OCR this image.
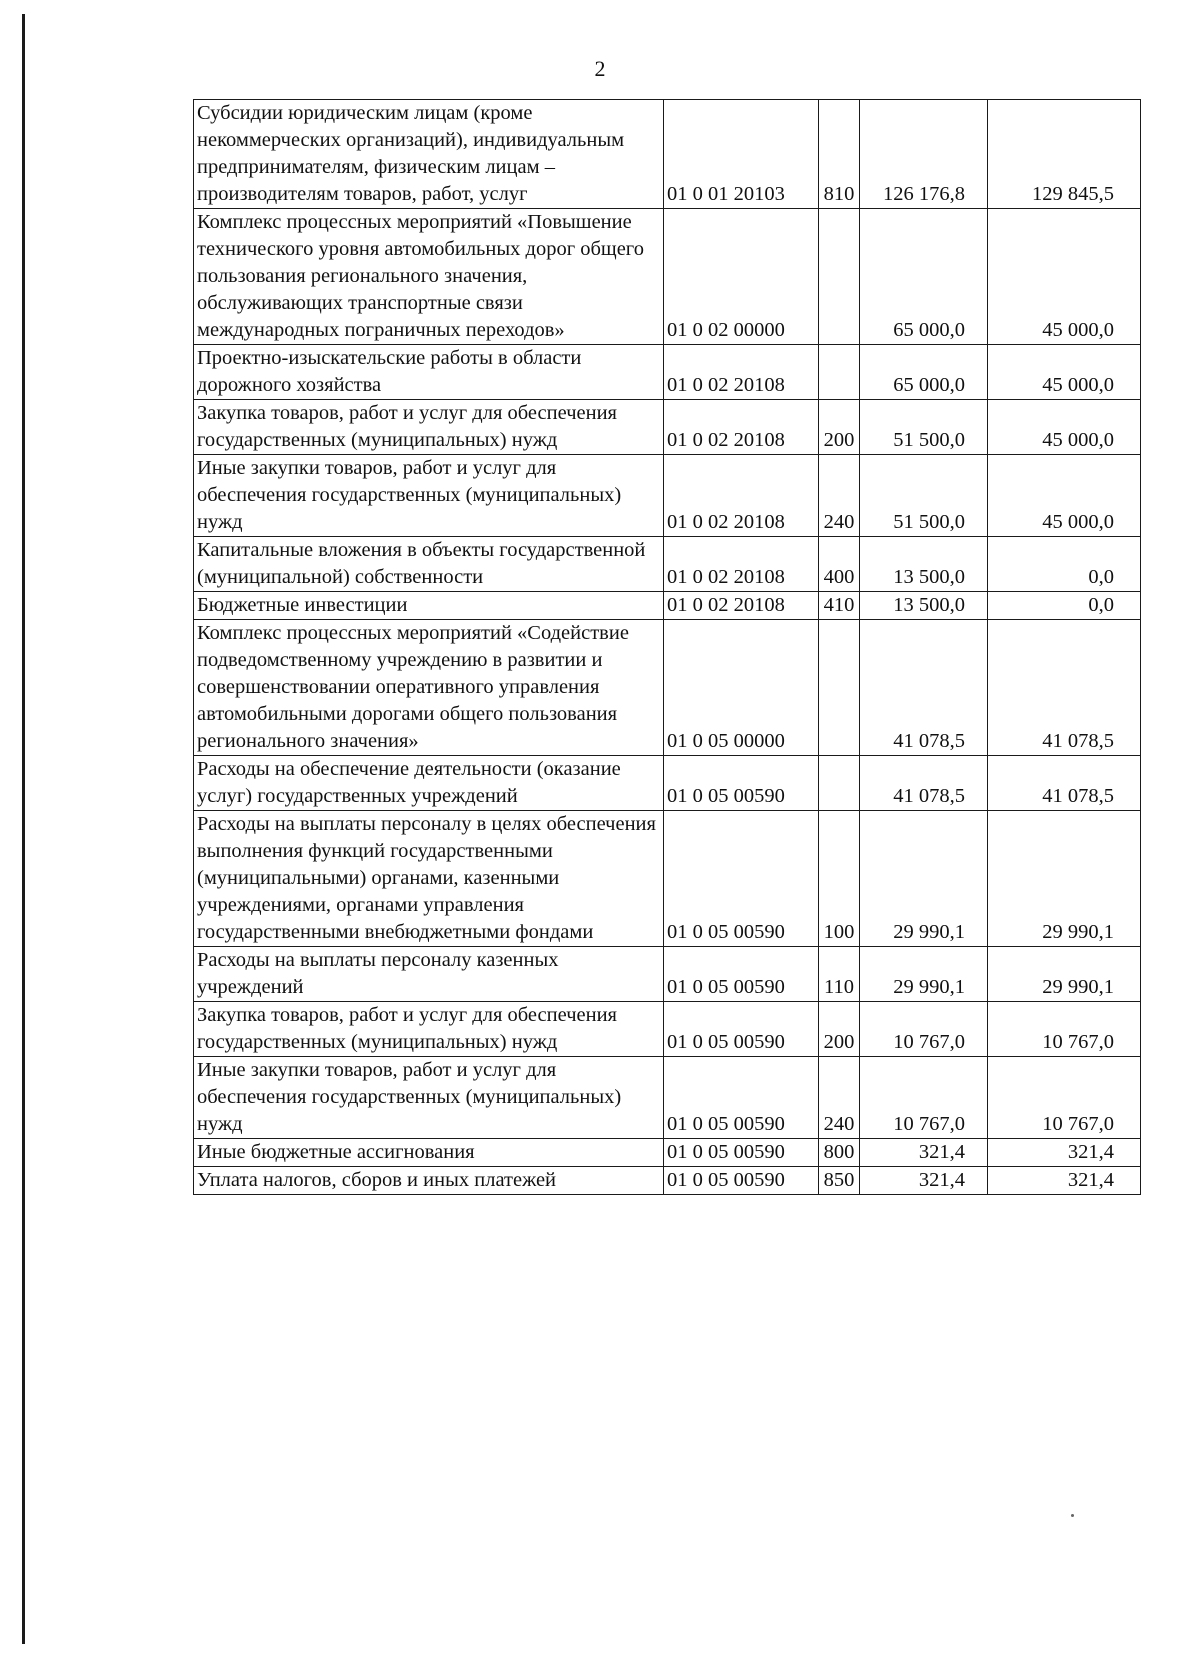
2
Субсидии юридическим лицам (кроме некоммерческих организаций), индивидуальным предпринимателям, физическим лицам – производителям товаров, работ, услуг	01 0 01 20103	810	126 176,8	129 845,5
Комплекс процессных мероприятий «Повышение технического уровня автомобильных дорог общего пользования регионального значения, обслуживающих транспортные связи международных пограничных переходов»	01 0 02 00000		65 000,0	45 000,0
Проектно-изыскательские работы в области дорожного хозяйства	01 0 02 20108		65 000,0	45 000,0
Закупка товаров, работ и услуг для обеспечения государственных (муниципальных) нужд	01 0 02 20108	200	51 500,0	45 000,0
Иные закупки товаров, работ и услуг для обеспечения государственных (муниципальных) нужд	01 0 02 20108	240	51 500,0	45 000,0
Капитальные вложения в объекты государственной (муниципальной) собственности	01 0 02 20108	400	13 500,0	0,0
Бюджетные инвестиции	01 0 02 20108	410	13 500,0	0,0
Комплекс процессных мероприятий «Содействие подведомственному учреждению в развитии и совершенствовании оперативного управления автомобильными дорогами общего пользования регионального значения»	01 0 05 00000		41 078,5	41 078,5
Расходы на обеспечение деятельности (оказание услуг) государственных учреждений	01 0 05 00590		41 078,5	41 078,5
Расходы на выплаты персоналу в целях обеспечения выполнения функций государственными (муниципальными) органами, казенными учреждениями, органами управления государственными внебюджетными фондами	01 0 05 00590	100	29 990,1	29 990,1
Расходы на выплаты персоналу казенных учреждений	01 0 05 00590	110	29 990,1	29 990,1
Закупка товаров, работ и услуг для обеспечения государственных (муниципальных) нужд	01 0 05 00590	200	10 767,0	10 767,0
Иные закупки товаров, работ и услуг для обеспечения государственных (муниципальных) нужд	01 0 05 00590	240	10 767,0	10 767,0
Иные бюджетные ассигнования	01 0 05 00590	800	321,4	321,4
Уплата налогов, сборов и иных платежей	01 0 05 00590	850	321,4	321,4
